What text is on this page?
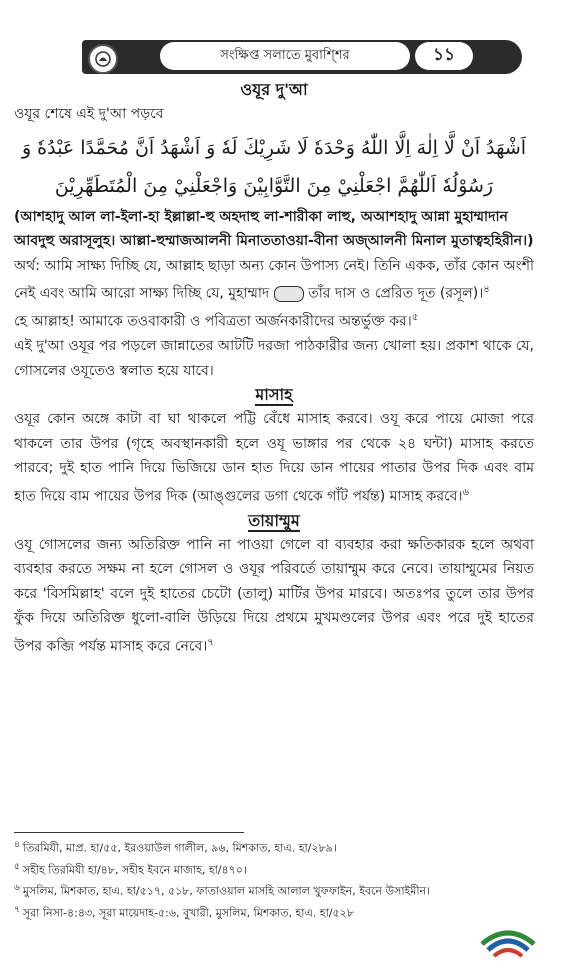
সংক্ষিপ্ত সলাতে মুবাশ্শির	১১
ওযূর দু'আ

ওযূর শেষে এই দু'আ পড়বে

اَشْهَدُ اَنْ لَّا اِلٰهَ اِلَّا اللّٰهُ وَحْدَهٗ لَا شَرِيْكَ لَهٗ وَ اَشْهَدُ اَنَّ مُحَمَّدًا عَبْدُهٗ وَ

رَسُوْلُهٗ اَللّٰهُمَّ اجْعَلْنِيْ مِنَ التَّوَّابِيْنَ وَاجْعَلْنِيْ مِنَ الْمُتَطَهِّرِيْنَ

(আশহাদু আল লা-ইলা-হা ইল্লাল্লা-হু অহদাহু লা-শারীকা লাহু, অআশহাদু আন্না মুহাম্মাদান আবদুহু অরাসূলুহ। আল্লা-হুম্মাজআলনী মিনাততাওয়া-বীনা অজ্আলনী মিনাল মুতাত্বহহিরীন।)

অর্থ: আমি সাক্ষ্য দিচ্ছি যে, আল্লাহ ছাড়া অন্য কোন উপাস্য নেই। তিনি একক, তাঁর কোন অংশী নেই এবং আমি আরো সাক্ষ্য দিচ্ছি যে, মুহাম্মাদ	তাঁর দাস ও প্রেরিত দূত (রসূল)।$^৪$

হে আল্লাহ! আমাকে তওবাকারী ও পবিত্রতা অর্জনকারীদের অন্তর্ভুক্ত কর।$^৫$

এই দু'আ ওযূর পর পড়লে জান্নাতের আটটি দরজা পাঠকারীর জন্য খোলা হয়। প্রকাশ থাকে যে, গোসলের ওযূতেও স্বলাত হয়ে যাবে।

মাসাহ

ওযূর কোন অঙ্গে কাটা বা ঘা থাকলে পট্টি বেঁধে মাসাহ করবে। ওযূ করে পায়ে মোজা পরে থাকলে তার উপর (গৃহে অবস্থানকারী হলে ওযূ ভাঙ্গার পর থেকে ২৪ ঘন্টা) মাসাহ করতে পারবে; দুই হাত পানি দিয়ে ভিজিয়ে ডান হাত দিয়ে ডান পায়ের পাতার উপর দিক এবং বাম হাত দিয়ে বাম পায়ের উপর দিক (আঙ্গুলের ডগা থেকে গাঁট পর্যন্ত) মাসাহ করবে।$^৬$

তায়াম্মুম

ওযূ গোসলের জন্য অতিরিক্ত পানি না পাওয়া গেলে বা ব্যবহার করা ক্ষতিকারক হলে অথবা ব্যবহার করতে সক্ষম না হলে গোসল ও ওযূর পরিবর্তে তায়াম্মুম করে নেবে। তায়াম্মুমের নিয়ত করে 'বিসমিল্লাহ' বলে দুই হাতের চেটো (তালু) মাটির উপর মারবে। অতঃপর তুলে তার উপর ফুঁক দিয়ে অতিরিক্ত ধুলো-বালি উড়িয়ে দিয়ে প্রথমে মুখমণ্ডলের উপর এবং পরে দুই হাতের উপর কব্জি পর্যন্ত মাসাহ করে নেবে।$^৭$

$^৪$ তিরমিযী, মাপ্র. হা/৫৫, ইরওয়াউল গালীল, ৯৬, মিশকাত, হাএ. হা/২৮৯।

$^৫$ সহীহ তিরমিযী হা/৪৮, সহীহ ইবনে মাজাহ, হা/৪৭০।

$^৬$ মুসলিম, মিশকাত, হাএ. হা/৫১৭, ৫১৮, ফাতাওয়াল মাসহি আলাল খুফফাইন, ইবনে উসাইমীন।

$^৭$ সূরা নিসা-৪:৪৩, সূরা মায়েদাহ-৫:৬, বুখারী, মুসলিম, মিশকাত, হাএ. হা/৫২৮
